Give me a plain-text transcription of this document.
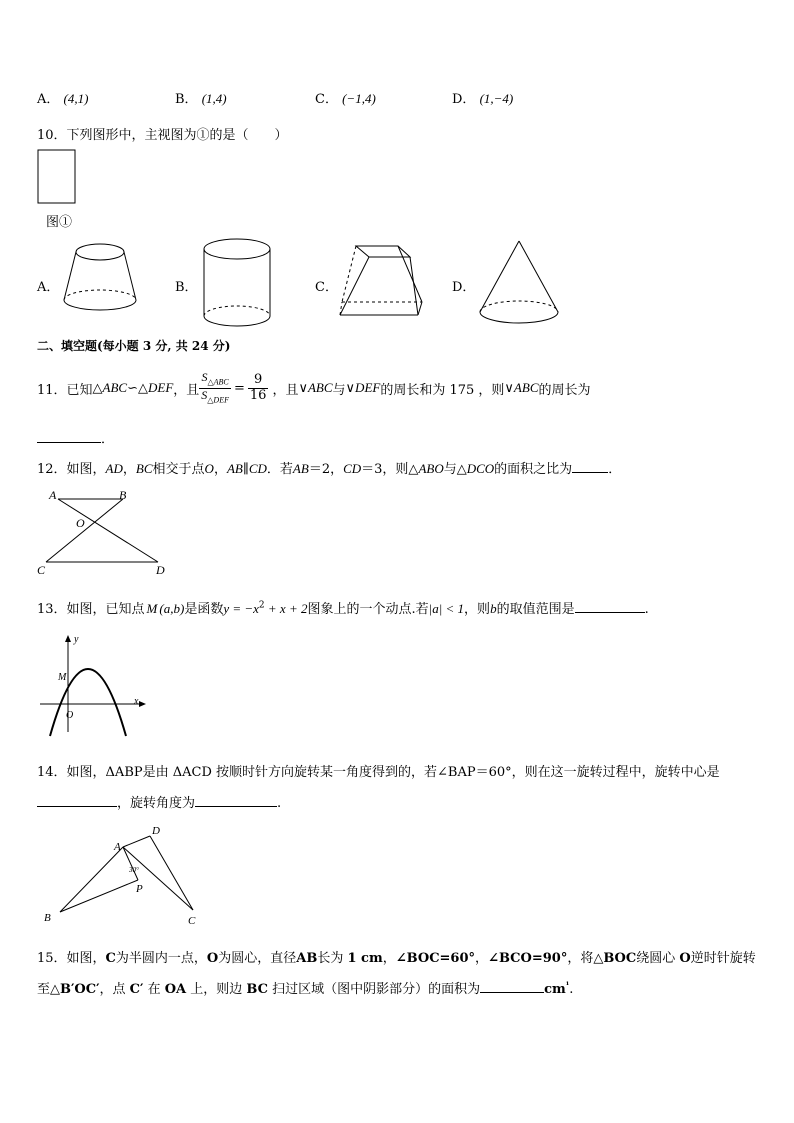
A． (4,1)	B． (1,4)	C． (−1,4)	D． (1,−4)
10．下列图形中，主视图为①的是（　　）
图①
A．	B．	C．	D．
二、填空题(每小题 3 分, 共 24 分)
11．已知 △ABC∽△DEF ，且 $\frac{S_{\triangle ABC}}{S_{\triangle DEF}} = \frac{9}{16}$ ，且 ∨ABC 与 ∨DEF 的周长和为 175 ，则 ∨ABC 的周长为
．
12．如图，AD，BC相交于点O，AB∥CD．若AB＝2，CD＝3，则△ABO与△DCO的面积之比为	．
A	B
O
C	D
13．如图，已知点 M (a,b)是函数$y = -x^2 + x + 2$图象上的一个动点.若|a| < 1，则b的取值范围是	.
y
x
M
O
14．如图，ΔABP是由 ΔACD 按顺时针方向旋转某一角度得到的，若∠BAP＝60°，则在这一旋转过程中，旋转中心是
，旋转角度为	.
A
B	C
D
P
30°
15．如图，C为半圆内一点，O为圆心，直径AB长为 1 cm，∠BOC=60°，∠BCO=90°，将△BOC绕圆心 O逆时针旋转
至△B′OC′，点 C′ 在 OA 上，则边 BC 扫过区域（图中阴影部分）的面积为	$cm^{^1}$.
